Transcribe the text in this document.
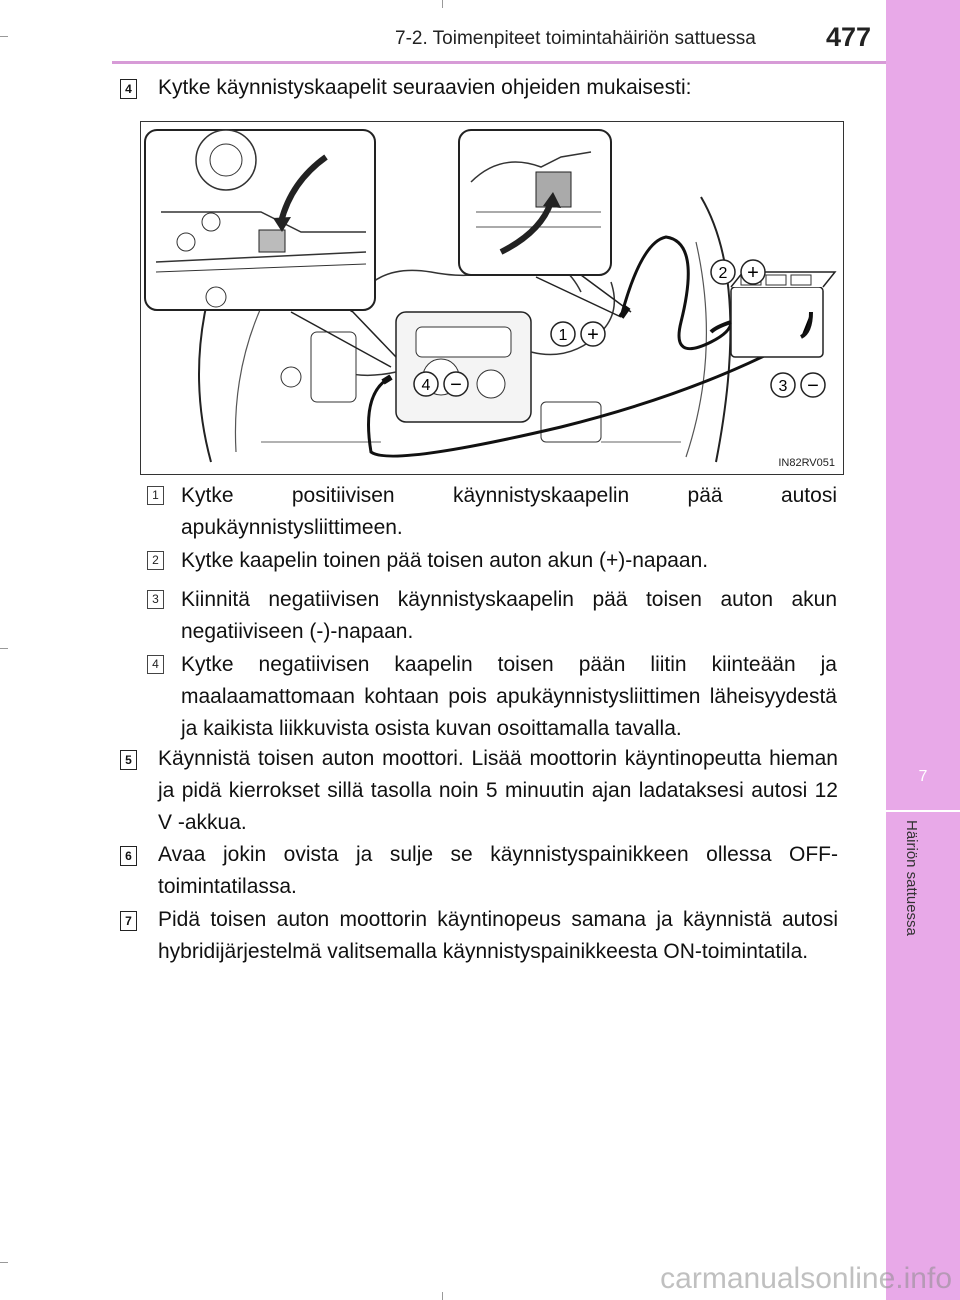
7
Häiriön sattuessa
7-2. Toimenpiteet toimintahäiriön sattuessa	477
4 Kytke käynnistyskaapelit seuraavien ohjeiden mukaisesti:
1 +
2 +
3 −
4 −
IN82RV051
1 Kytke positiivisen käynnistyskaapelin pää autosi apukäynnistysliittimeen.
2 Kytke kaapelin toinen pää toisen auton akun (+)-napaan.
3 Kiinnitä negatiivisen käynnistyskaapelin pää toisen auton akun negatiiviseen (-)-napaan.
4 Kytke negatiivisen kaapelin toisen pään liitin kiinteään ja maalaamattomaan kohtaan pois apukäynnistysliittimen läheisyydestä ja kaikista liikkuvista osista kuvan osoittamalla tavalla.
5 Käynnistä toisen auton moottori. Lisää moottorin käyntinopeutta hieman ja pidä kierrokset sillä tasolla noin 5 minuutin ajan ladataksesi autosi 12 V -akkua.
6 Avaa jokin ovista ja sulje se käynnistyspainikkeen ollessa OFF-toimintatilassa.
7 Pidä toisen auton moottorin käyntinopeus samana ja käynnistä autosi hybridijärjestelmä valitsemalla käynnistyspainikkeesta ON-toimintatila.
carmanualsonline.info
